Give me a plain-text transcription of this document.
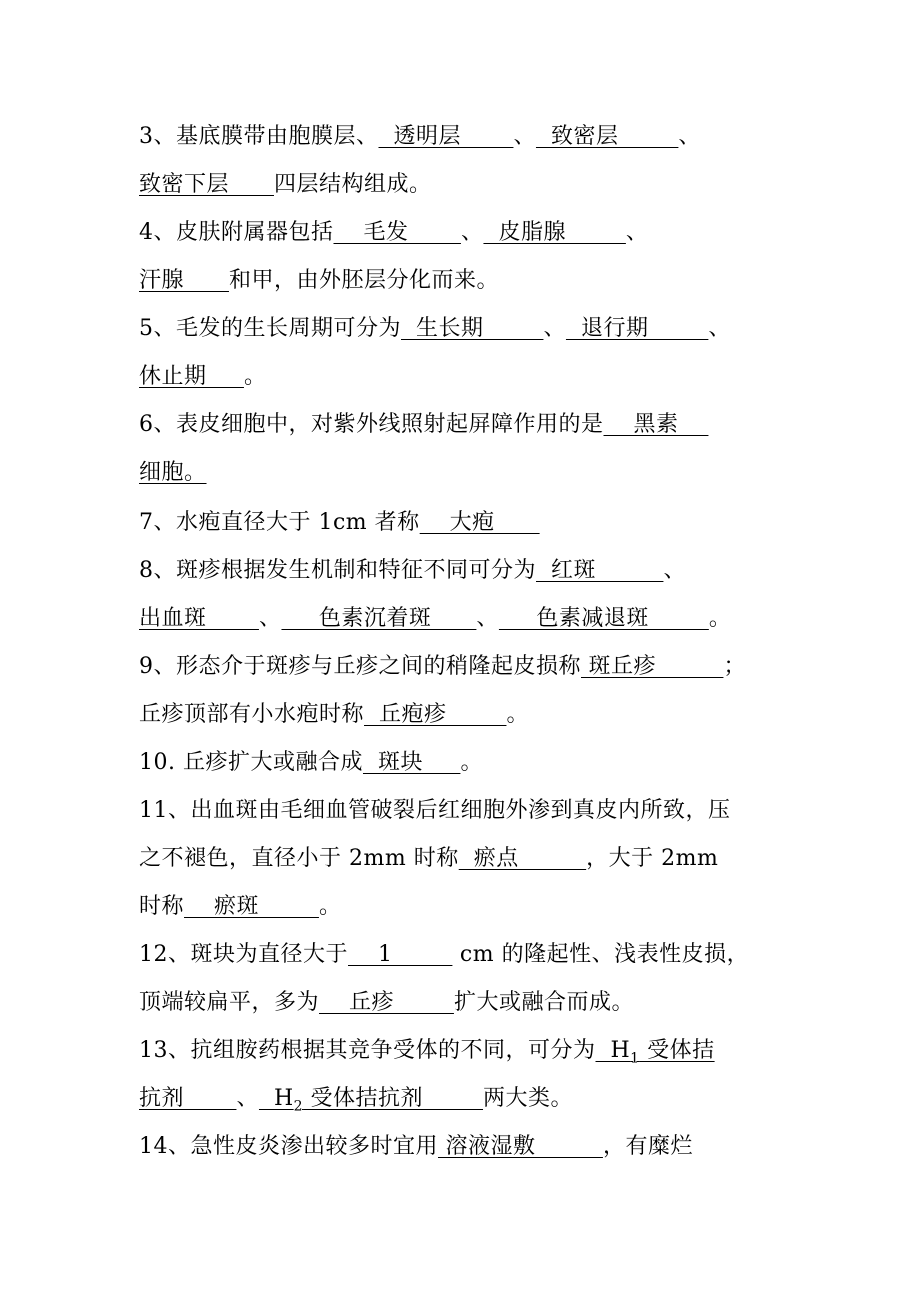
3、基底膜带由胞膜层、  透明层       、  致密层        、
致密下层      四层结构组成。
4、皮肤附属器包括    毛发       、  皮脂腺        、
汗腺      和甲，由外胚层分化而来。
5、毛发的生长周期可分为  生长期        、  退行期        、
休止期     。
6、表皮细胞中，对紫外线照射起屏障作用的是    黑素
细胞。
7、水疱直径大于 1cm 者称    大疱
8、斑疹根据发生机制和特征不同可分为  红斑         、
出血斑       、     色素沉着斑      、     色素减退斑        。
9、形态介于斑疹与丘疹之间的稍隆起皮损称 斑丘疹         ；
丘疹顶部有小水疱时称  丘疱疹        。
10. 丘疹扩大或融合成  斑块     。
11、出血斑由毛细血管破裂后红细胞外渗到真皮内所致，压
之不褪色，直径小于 2mm 时称  瘀点         ，大于 2mm
时称    瘀斑        。
12、斑块为直径大于    1         cm 的隆起性、浅表性皮损，
顶端较扁平，多为    丘疹        扩大或融合而成。
13、抗组胺药根据其竞争受体的不同，可分为  $H_1$ 受体拮
抗剂       、  $H_2$ 受体拮抗剂        两大类。
14、急性皮炎渗出较多时宜用 溶液湿敷         ，有糜烂
